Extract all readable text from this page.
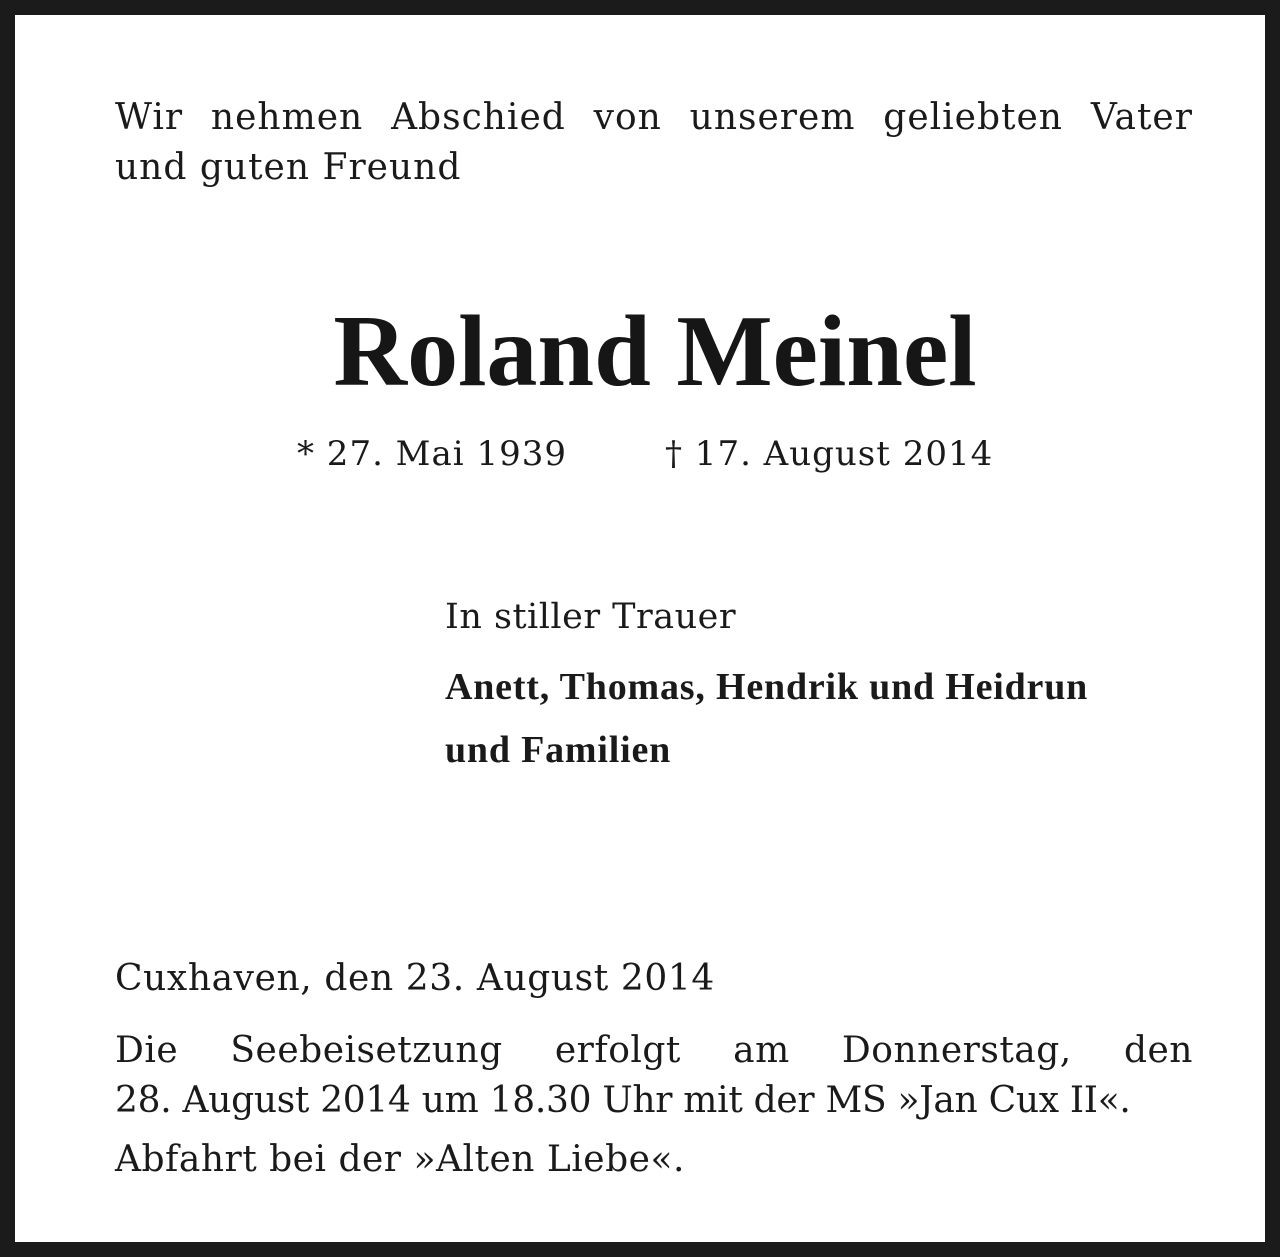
Wir nehmen Abschied von unserem geliebten Vater
und guten Freund
Roland Meinel
* 27. Mai 1939	† 17. August 2014
In stiller Trauer
Anett, Thomas, Hendrik und Heidrun
und Familien
Cuxhaven, den 23. August 2014
Die Seebeisetzung erfolgt am Donnerstag, den
28. August 2014 um 18.30 Uhr mit der MS »Jan Cux II«.
Abfahrt bei der »Alten Liebe«.
